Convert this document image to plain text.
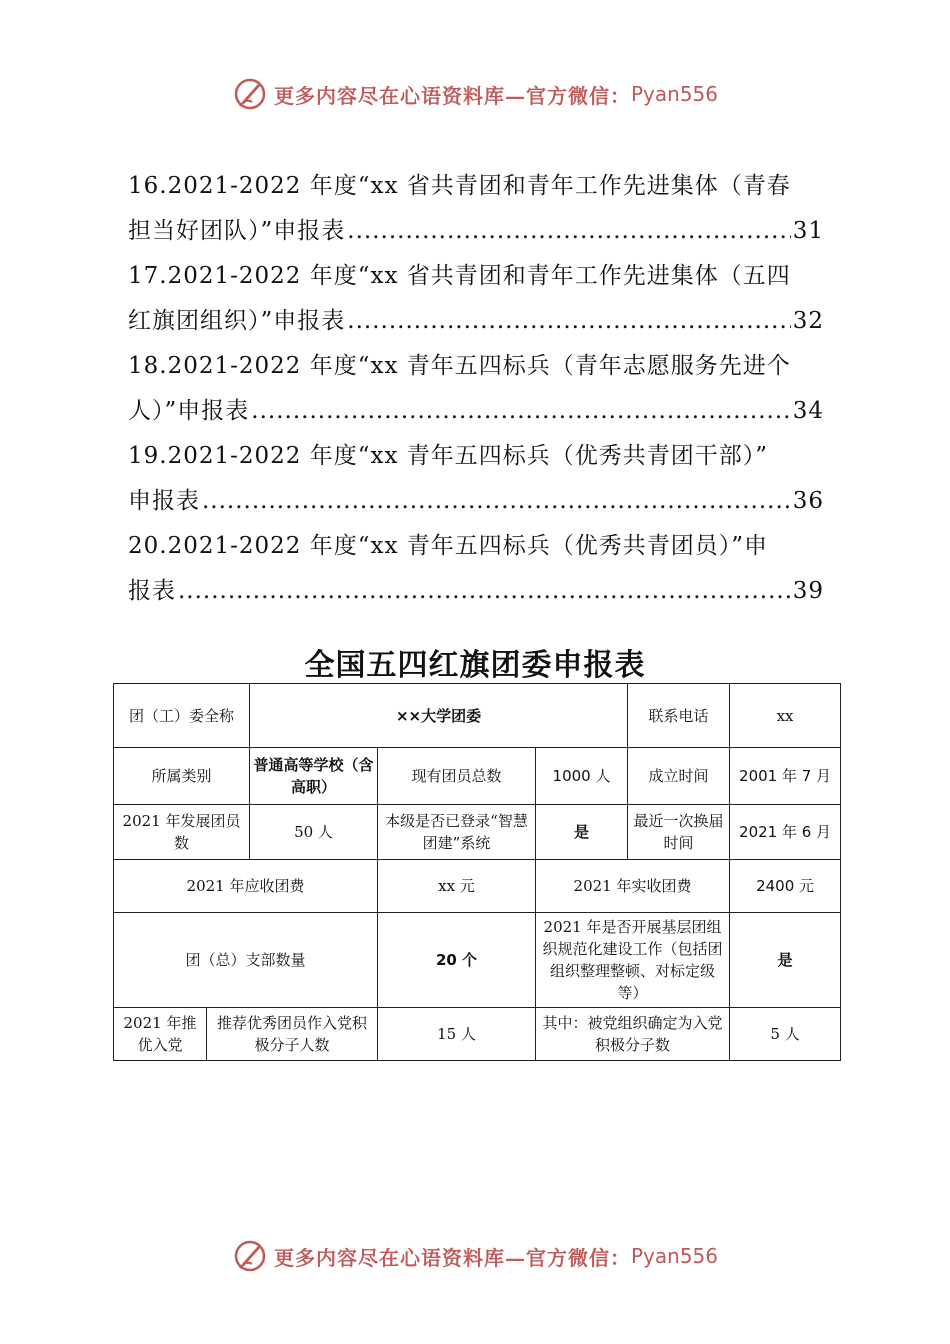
更多内容尽在心语资料库—官方微信： Pyan556
16.2021-2022 年度“xx 省共青团和青年工作先进集体（青春
担当好团队）”申报表 .....	31
17.2021-2022 年度“xx 省共青团和青年工作先进集体（五四
红旗团组织）”申报表 .....	32
18.2021-2022 年度“xx 青年五四标兵（青年志愿服务先进个
人）”申报表 .....	34
19.2021-2022 年度“xx 青年五四标兵（优秀共青团干部）”
申报表 .....	36
20.2021-2022 年度“xx 青年五四标兵（优秀共青团员）”申
报表 .....	39
全国五四红旗团委申报表
团（工）委全称		××大学团委			联系电话	xx
所属类别		普通高等学校（含高职）	现有团员总数	1000 人	成立时间	2001 年 7 月
2021 年发展团员数		50 人	本级是否已登录“智慧团建”系统	是	最近一次换届时间	2021 年 6 月
2021 年应收团费			xx 元	2021 年实收团费		2400 元
团（总）支部数量			20 个	2021 年是否开展基层团组织规范化建设工作（包括团组织整理整顿、对标定级等）		是
2021 年推优入党	推荐优秀团员作入党积极分子人数		15 人	其中：被党组织确定为入党积极分子数		5 人
更多内容尽在心语资料库—官方微信： Pyan556
